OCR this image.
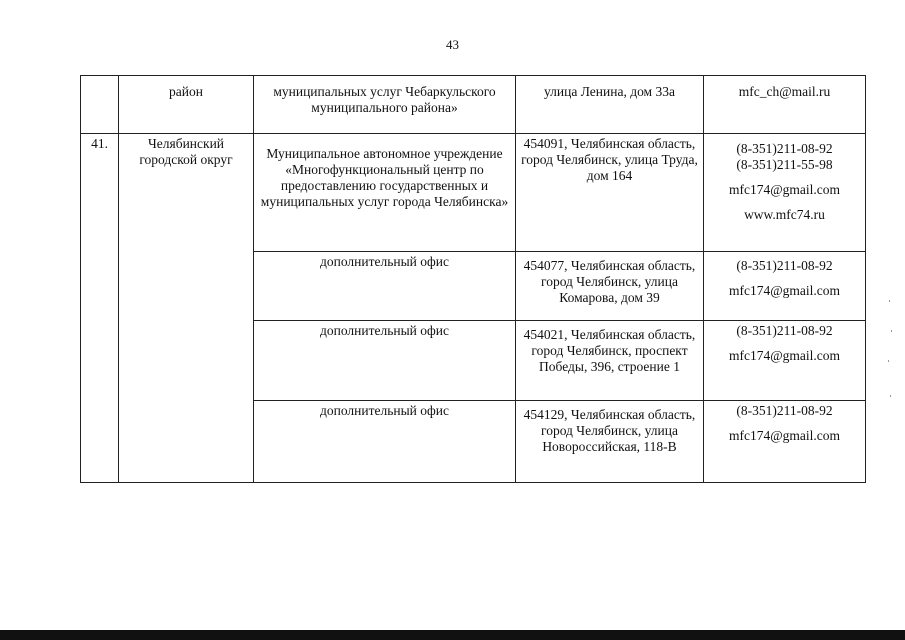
43

	район	муниципальных услуг Чебаркульского муниципального района»	улица Ленина, дом 33а	mfc_ch@mail.ru

41.	Челябинский городской округ	Муниципальное автономное учреждение «Многофункциональный центр по предоставлению государственных и муниципальных услуг города Челябинска»	454091, Челябинская область, город Челябинск, улица Труда, дом 164	(8-351)211-08-92
(8-351)211-55-98
mfc174@gmail.com
www.mfc74.ru

		дополнительный офис	454077, Челябинская область, город Челябинск, улица Комарова, дом 39	(8-351)211-08-92
mfc174@gmail.com

		дополнительный офис	454021, Челябинская область, город Челябинск, проспект Победы, 396, строение 1	(8-351)211-08-92
mfc174@gmail.com

		дополнительный офис	454129, Челябинская область, город Челябинск, улица Новороссийская, 118-В	(8-351)211-08-92
mfc174@gmail.com
